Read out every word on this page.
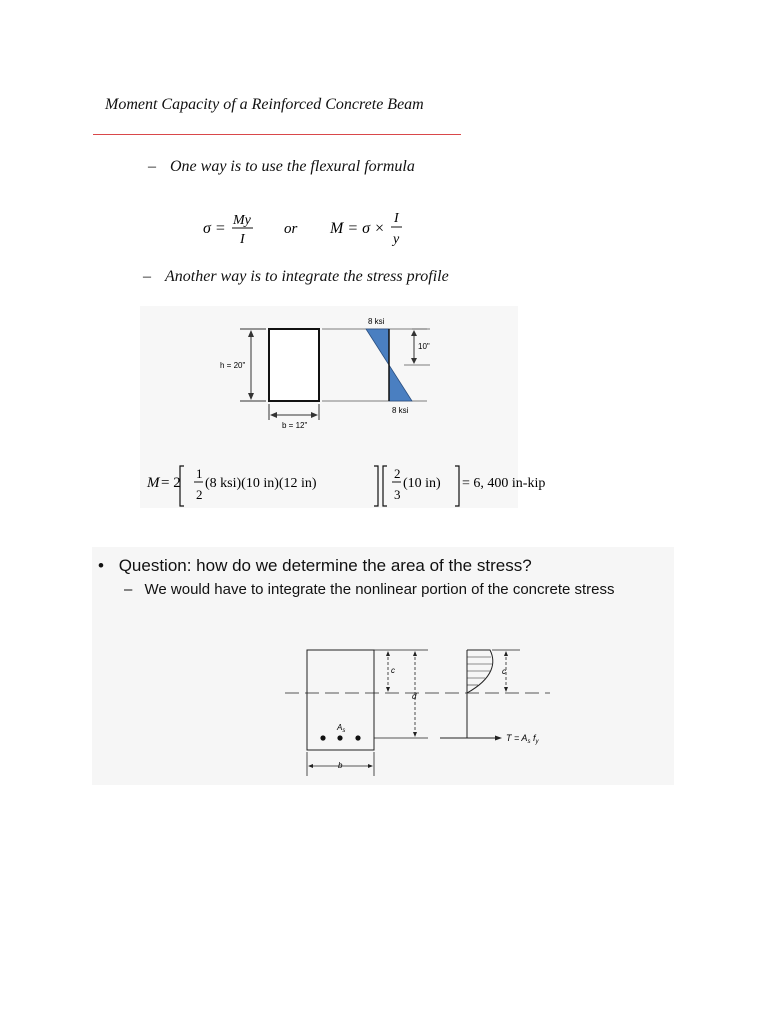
Moment Capacity of a Reinforced Concrete Beam
– One way is to use the flexural formula
σ = My
I
or M = σ ×
I
y
– Another way is to integrate the stress profile
h = 20"
b = 12"
8 ksi
8 ksi
10"
M = 2
1
2
(8 ksi)(10 in)(12 in)
2
3
(10 in) = 6, 400 in-kip
• Question: how do we determine the area of the stress?
– We would have to integrate the nonlinear portion of the concrete stress
$A_s$
c
d
b
c
$T = A_s$ $f_y$
